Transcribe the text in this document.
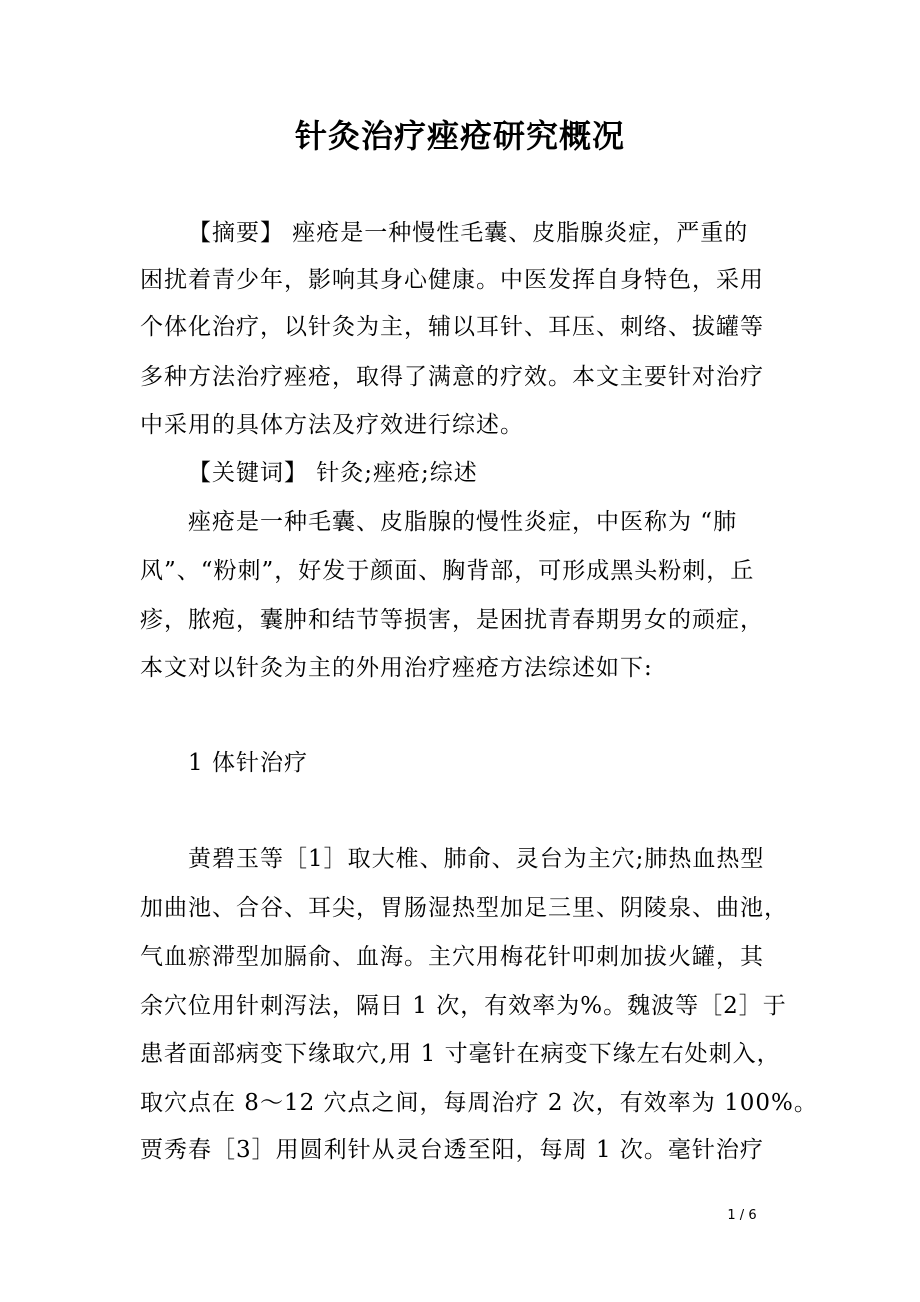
针灸治疗痤疮研究概况
【摘要】 痤疮是一种慢性毛囊、皮脂腺炎症，严重的
困扰着青少年，影响其身心健康。中医发挥自身特色，采用
个体化治疗，以针灸为主，辅以耳针、耳压、刺络、拔罐等
多种方法治疗痤疮，取得了满意的疗效。本文主要针对治疗
中采用的具体方法及疗效进行综述。
【关键词】 针灸;痤疮;综述
痤疮是一种毛囊、皮脂腺的慢性炎症，中医称为 “肺
风”、“粉刺”，好发于颜面、胸背部，可形成黑头粉刺，丘
疹，脓疱，囊肿和结节等损害，是困扰青春期男女的顽症，
本文对以针灸为主的外用治疗痤疮方法综述如下:
1 体针治疗
黄碧玉等［1］取大椎、肺俞、灵台为主穴;肺热血热型
加曲池、合谷、耳尖，胃肠湿热型加足三里、阴陵泉、曲池，
气血瘀滞型加膈俞、血海。主穴用梅花针叩刺加拔火罐，其
余穴位用针刺泻法，隔日 1 次，有效率为%。魏波等［2］于
患者面部病变下缘取穴,用 1 寸毫针在病变下缘左右处刺入，
取穴点在 8～12 穴点之间，每周治疗 2 次，有效率为 100%。
贾秀春［3］用圆利针从灵台透至阳，每周 1 次。毫针治疗
1 / 6
